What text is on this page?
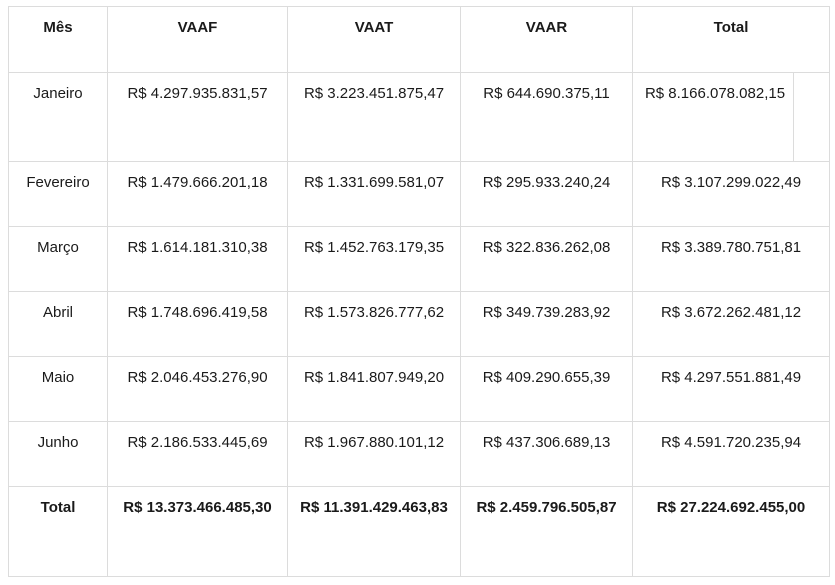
Mês	VAAF	VAAT	VAAR	Total
Janeiro	R$ 4.297.935.831,57	R$ 3.223.451.875,47	R$ 644.690.375,11	R$ 8.166.078.082,15

Fevereiro	R$ 1.479.666.201,18	R$ 1.331.699.581,07	R$ 295.933.240,24	R$ 3.107.299.022,49
Março	R$ 1.614.181.310,38	R$ 1.452.763.179,35	R$ 322.836.262,08	R$ 3.389.780.751,81
Abril	R$ 1.748.696.419,58	R$ 1.573.826.777,62	R$ 349.739.283,92	R$ 3.672.262.481,12
Maio	R$ 2.046.453.276,90	R$ 1.841.807.949,20	R$ 409.290.655,39	R$ 4.297.551.881,49
Junho	R$ 2.186.533.445,69	R$ 1.967.880.101,12	R$ 437.306.689,13	R$ 4.591.720.235,94
Total	R$ 13.373.466.485,30	R$ 11.391.429.463,83	R$ 2.459.796.505,87	R$ 27.224.692.455,00
